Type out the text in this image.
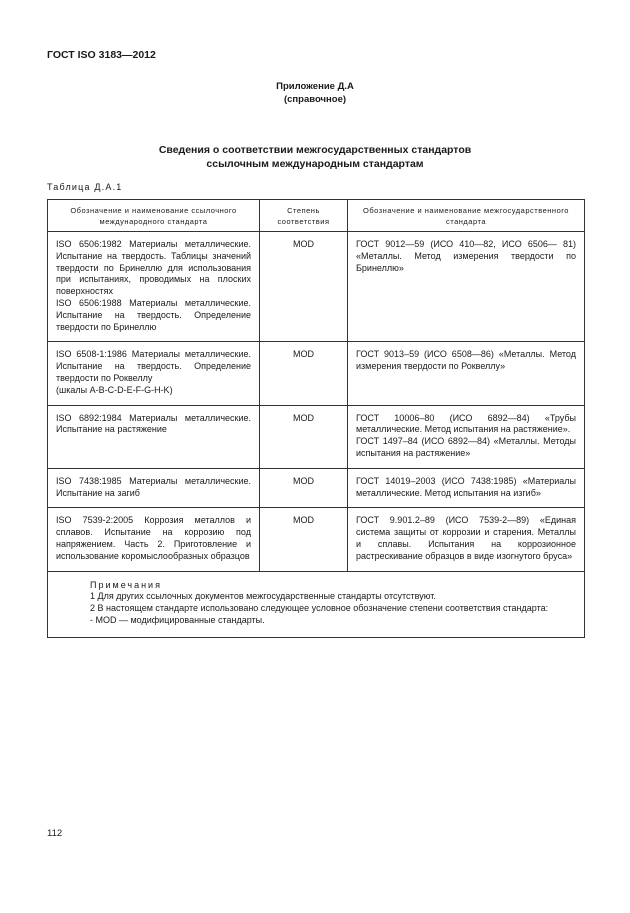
ГОСТ ISO 3183—2012
Приложение Д.А
(справочное)
Сведения о соответствии межгосударственных стандартов
ссылочным международным стандартам
Таблица Д.А.1
Обозначение и наименование ссылочного международного стандарта	Степень соответствия	Обозначение и наименование межгосударственного стандарта
ISO 6506:1982 Материалы металлические. Испытание на твердость. Таблицы значений твердости по Бринеллю для использования при испытаниях, проводимых на плоских поверхностях
ISO 6506:1988 Материалы металлические. Испытание на твердость. Определение твердости по Бринеллю	MOD	ГОСТ 9012—59 (ИСО 410—82, ИСО 6506— 81) «Металлы. Метод измерения твердости по Бринеллю»
ISO 6508-1:1986 Материалы металлические. Испытание на твердость. Определение твердости по Роквеллу
(шкалы A-B-C-D-E-F-G-H-K)	MOD	ГОСТ 9013–59 (ИСО 6508—86) «Металлы. Метод измерения твердости по Роквеллу»
ISO 6892:1984 Материалы металлические. Испытание на растяжение	MOD	ГОСТ 10006–80 (ИСО 6892—84) «Трубы металлические. Метод испытания на растяжение».
ГОСТ 1497–84 (ИСО 6892—84) «Металлы. Методы испытания на растяжение»
ISO 7438:1985 Материалы металлические. Испытание на загиб	MOD	ГОСТ 14019–2003 (ИСО 7438:1985) «Материалы металлические. Метод испытания на изгиб»
ISO 7539-2:2005 Коррозия металлов и сплавов. Испытание на коррозию под напряжением. Часть 2. Приготовление и использование коромыслообразных образцов	MOD	ГОСТ 9.901.2–89 (ИСО 7539-2—89) «Единая система защиты от коррозии и старения. Металлы и сплавы. Испытания на коррозионное растрескивание образцов в виде изогнутого бруса»

Примечания
1 Для других ссылочных документов межгосударственные стандарты отсутствуют.
2 В настоящем стандарте использовано следующее условное обозначение степени соответствия стандарта:
- MOD — модифицированные стандарты.		
112
